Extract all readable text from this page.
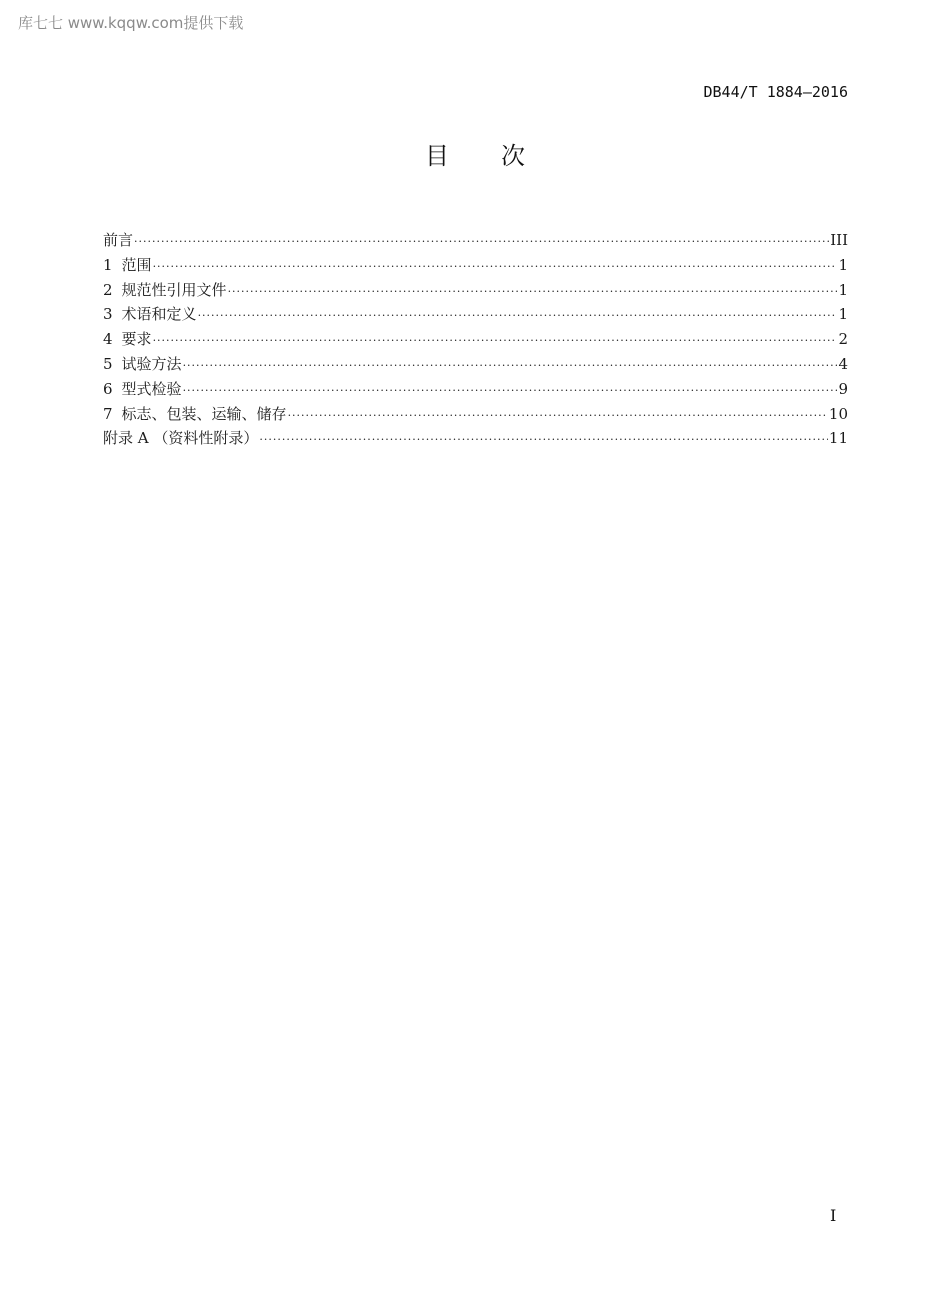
库七七 www.kqqw.com提供下载
DB44/T 1884—2016
目 次
前言 ·····	III
1 范围 ·····	1
2 规范性引用文件 ·····	1
3 术语和定义 ·····	1
4 要求 ·····	2
5 试验方法 ·····	4
6 型式检验 ·····	9
7 标志、包装、运输、储存 ·····	10
附录 A （资料性附录） ·····	11
I
